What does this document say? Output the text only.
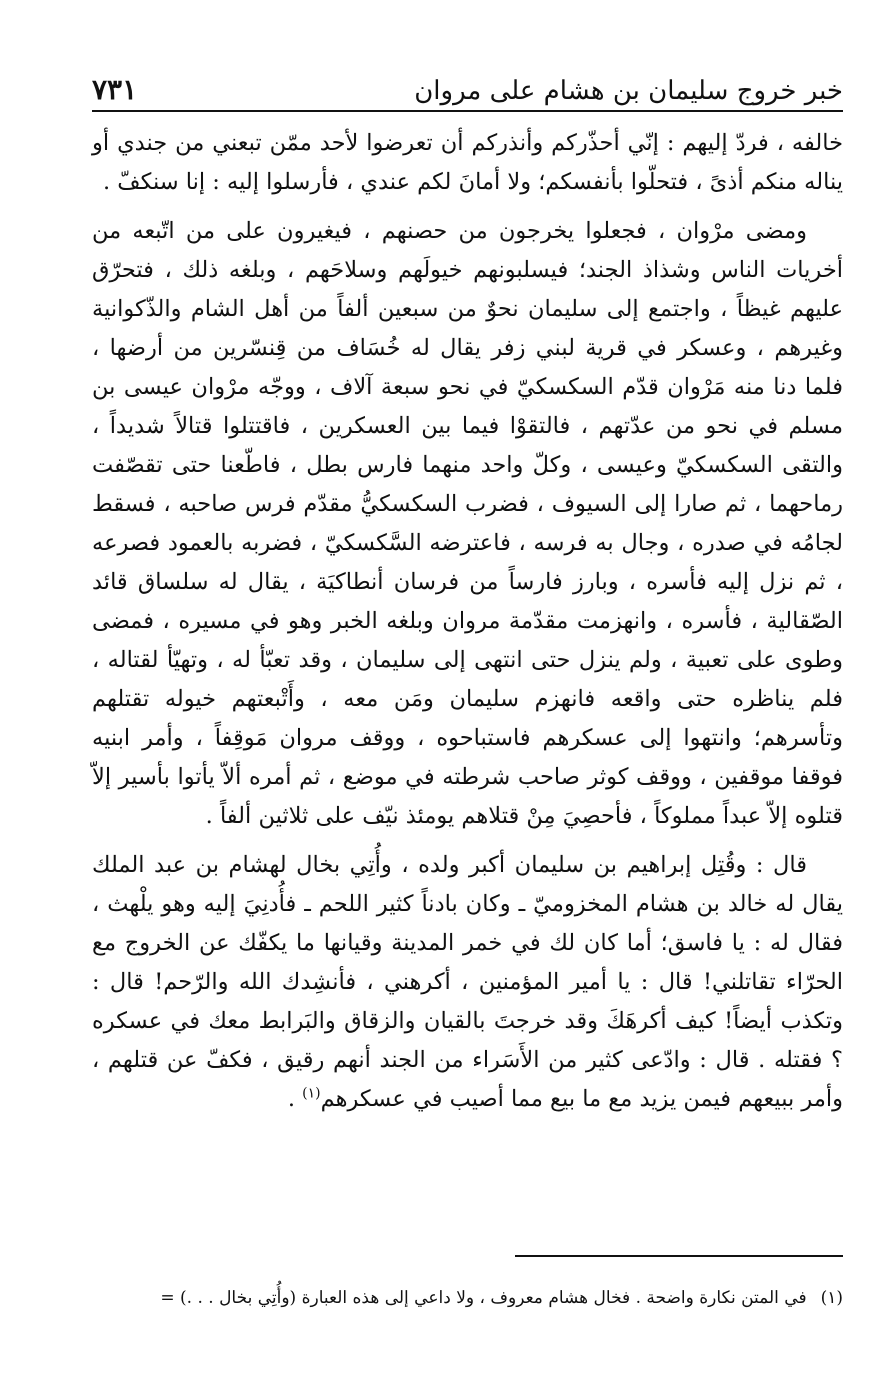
خبر خروج سليمان بن هشام على مروان
٧٣١

خالفه ، فردّ إليهم : إنّي أحذّركم وأنذركم أن تعرضوا لأحد ممّن تبعني من جندي أو يناله منكم أذىً ، فتحلّوا بأنفسكم؛ ولا أمانَ لكم عندي ، فأرسلوا إليه : إنا سنكفّ .

ومضى مرْوان ، فجعلوا يخرجون من حصنهم ، فيغيرون على من اتّبعه من أخريات الناس وشذاذ الجند؛ فيسلبونهم خيولَهم وسلاحَهم ، وبلغه ذلك ، فتحرّق عليهم غيظاً ، واجتمع إلى سليمان نحوٌ من سبعين ألفاً من أهل الشام والذّكوانية وغيرهم ، وعسكر في قرية لبني زفر يقال له خُسَاف من قِنسّرين من أرضها ، فلما دنا منه مَرْوان قدّم السكسكيّ في نحو سبعة آلاف ، ووجّه مرْوان عيسى بن مسلم في نحو من عدّتهم ، فالتقوْا فيما بين العسكرين ، فاقتتلوا قتالاً شديداً ، والتقى السكسكيّ وعيسى ، وكلّ واحد منهما فارس بطل ، فاطّعنا حتى تقصّفت رماحهما ، ثم صارا إلى السيوف ، فضرب السكسكيُّ مقدّم فرس صاحبه ، فسقط لجامُه في صدره ، وجال به فرسه ، فاعترضه السَّكسكيّ ، فضربه بالعمود فصرعه ، ثم نزل إليه فأسره ، وبارز فارساً من فرسان أنطاكيَة ، يقال له سلساق قائد الصّقالية ، فأسره ، وانهزمت مقدّمة مروان وبلغه الخبر وهو في مسيره ، فمضى وطوى على تعبية ، ولم ينزل حتى انتهى إلى سليمان ، وقد تعبّأ له ، وتهيّأ لقتاله ، فلم يناظره حتى واقعه فانهزم سليمان ومَن معه ، وأَتْبعتهم خيوله تقتلهم وتأسرهم؛ وانتهوا إلى عسكرهم فاستباحوه ، ووقف مروان مَوقِفاً ، وأمر ابنيه فوقفا موقفين ، ووقف كوثر صاحب شرطته في موضع ، ثم أمره ألاّ يأتوا بأسير إلاّ قتلوه إلاّ عبداً مملوكاً ، فأحصِيَ مِنْ قتلاهم يومئذ نيّف على ثلاثين ألفاً .

قال : وقُتِل إبراهيم بن سليمان أكبر ولده ، وأُتِي بخال لهشام بن عبد الملك يقال له خالد بن هشام المخزوميّ ـ وكان بادناً كثير اللحم ـ فأُدنِيَ إليه وهو يلْهث ، فقال له : يا فاسق؛ أما كان لك في خمر المدينة وقيانها ما يكفّك عن الخروج مع الحرّاء تقاتلني! قال : يا أمير المؤمنين ، أكرهني ، فأنشِدك الله والرّحم! قال : وتكذب أيضاً! كيف أكرهَكَ وقد خرجتَ بالقيان والزقاق والبَرابط معك في عسكره ؟ فقتله . قال : وادّعى كثير من الأَسَراء من الجند أنهم رقيق ، فكفّ عن قتلهم ، وأمر ببيعهم فيمن يزيد مع ما بيع مما أصيب في عسكرهم$^{(١)}$ .

(١)
في المتن نكارة واضحة . فخال هشام معروف ، ولا داعي إلى هذه العبارة (وأُتِي بخال . . .) =
